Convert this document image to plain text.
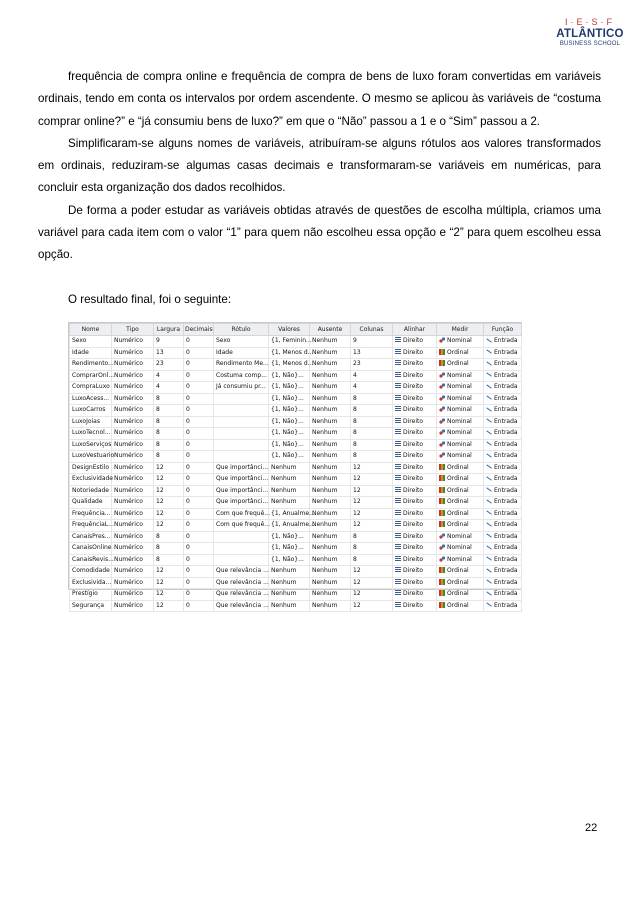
I·E·S·F
ATLÂNTICO
BUSINESS SCHOOL

frequência de compra online e frequência de compra de bens de luxo foram convertidas em variáveis ordinais, tendo em conta os intervalos por ordem ascendente. O mesmo se aplicou às variáveis de “costuma comprar online?” e “já consumiu bens de luxo?” em que o “Não” passou a 1 e o “Sim” passou a 2.

Simplificaram-se alguns nomes de variáveis, atribuíram-se alguns rótulos aos valores transformados em ordinais, reduziram-se algumas casas decimais e transformaram-se variáveis em numéricas, para concluir esta organização dos dados recolhidos.

De forma a poder estudar as variáveis obtidas através de questões de escolha múltipla, criamos uma variável para cada item com o valor “1” para quem não escolheu essa opção e “2” para quem escolheu essa opção.

O resultado final, foi o seguinte:

Nome	Tipo	Largura	Decimais	Rótulo	Valores	Ausente	Colunas	Alinhar	Medir	Função
Sexo	Numérico	9	0	Sexo	{1, Feminin...	Nenhum	9	Direito	Nominal	Entrada
Idade	Numérico	13	0	Idade	{1, Menos d...	Nenhum	13	Direito	Ordinal	Entrada
Rendimento...	Numérico	23	0	Rendimento Me...	{1, Menos d...	Nenhum	23	Direito	Ordinal	Entrada
ComprarOnl...	Numérico	4	0	Costuma comp...	{1, Não}...	Nenhum	4	Direito	Nominal	Entrada
CompraLuxo	Numérico	4	0	Já consumiu pr...	{1, Não}...	Nenhum	4	Direito	Nominal	Entrada
LuxoAcess...	Numérico	8	0		{1, Não}...	Nenhum	8	Direito	Nominal	Entrada
LuxoCarros	Numérico	8	0		{1, Não}...	Nenhum	8	Direito	Nominal	Entrada
LuxoJoias	Numérico	8	0		{1, Não}...	Nenhum	8	Direito	Nominal	Entrada
LuxoTecnol...	Numérico	8	0		{1, Não}...	Nenhum	8	Direito	Nominal	Entrada
LuxoServiços	Numérico	8	0		{1, Não}...	Nenhum	8	Direito	Nominal	Entrada
LuxoVestuario	Numérico	8	0		{1, Não}...	Nenhum	8	Direito	Nominal	Entrada
DesignEstilo	Numérico	12	0	Que importânci...	Nenhum	Nenhum	12	Direito	Ordinal	Entrada
Exclusividade	Numérico	12	0	Que importânci...	Nenhum	Nenhum	12	Direito	Ordinal	Entrada
Notoriedade	Numérico	12	0	Que importânci...	Nenhum	Nenhum	12	Direito	Ordinal	Entrada
Qualidade	Numérico	12	0	Que importânci...	Nenhum	Nenhum	12	Direito	Ordinal	Entrada
Frequência...	Numérico	12	0	Com que frequê...	{1, Anualme...	Nenhum	12	Direito	Ordinal	Entrada
FrequênciaL...	Numérico	12	0	Com que frequê...	{1, Anualme...	Nenhum	12	Direito	Ordinal	Entrada
CanaisPres...	Numérico	8	0		{1, Não}...	Nenhum	8	Direito	Nominal	Entrada
CanaisOnline	Numérico	8	0		{1, Não}...	Nenhum	8	Direito	Nominal	Entrada
CanaisRevis...	Numérico	8	0		{1, Não}...	Nenhum	8	Direito	Nominal	Entrada
Comodidade	Numérico	12	0	Que relevância ...	Nenhum	Nenhum	12	Direito	Ordinal	Entrada
Exclusivida...	Numérico	12	0	Que relevância ...	Nenhum	Nenhum	12	Direito	Ordinal	Entrada
Prestígio	Numérico	12	0	Que relevância ...	Nenhum	Nenhum	12	Direito	Ordinal	Entrada
Segurança	Numérico	12	0	Que relevância ...	Nenhum	Nenhum	12	Direito	Ordinal	Entrada
22
